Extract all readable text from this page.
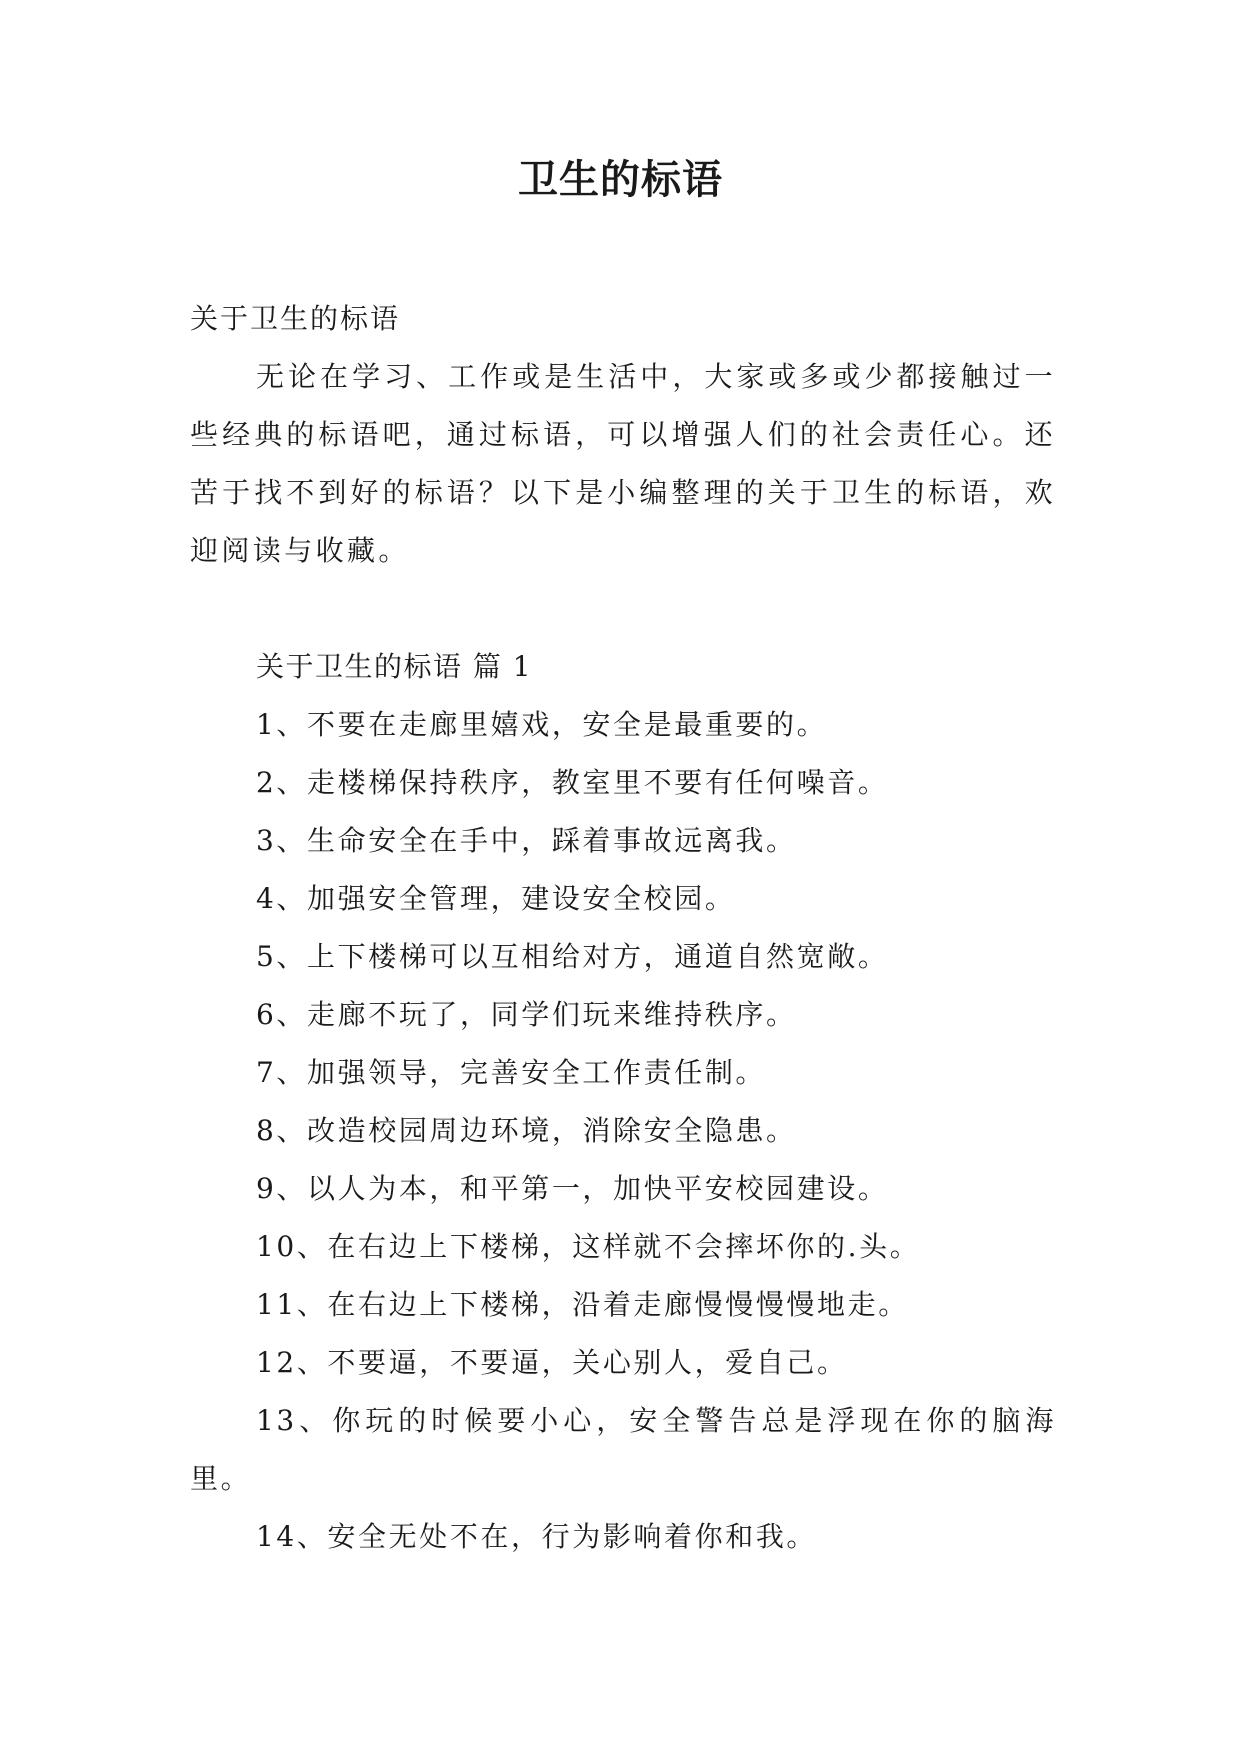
卫生的标语

关于卫生的标语

无论在学习、工作或是生活中，大家或多或少都接触过一些经典的标语吧，通过标语，可以增强人们的社会责任心。还苦于找不到好的标语？以下是小编整理的关于卫生的标语，欢迎阅读与收藏。

关于卫生的标语 篇 1

1、不要在走廊里嬉戏，安全是最重要的。

2、走楼梯保持秩序，教室里不要有任何噪音。

3、生命安全在手中，踩着事故远离我。

4、加强安全管理，建设安全校园。

5、上下楼梯可以互相给对方，通道自然宽敞。

6、走廊不玩了，同学们玩来维持秩序。

7、加强领导，完善安全工作责任制。

8、改造校园周边环境，消除安全隐患。

9、以人为本，和平第一，加快平安校园建设。

10、在右边上下楼梯，这样就不会摔坏你的.头。

11、在右边上下楼梯，沿着走廊慢慢慢慢地走。

12、不要逼，不要逼，关心别人，爱自己。

13、你玩的时候要小心，安全警告总是浮现在你的脑海里。

14、安全无处不在，行为影响着你和我。
